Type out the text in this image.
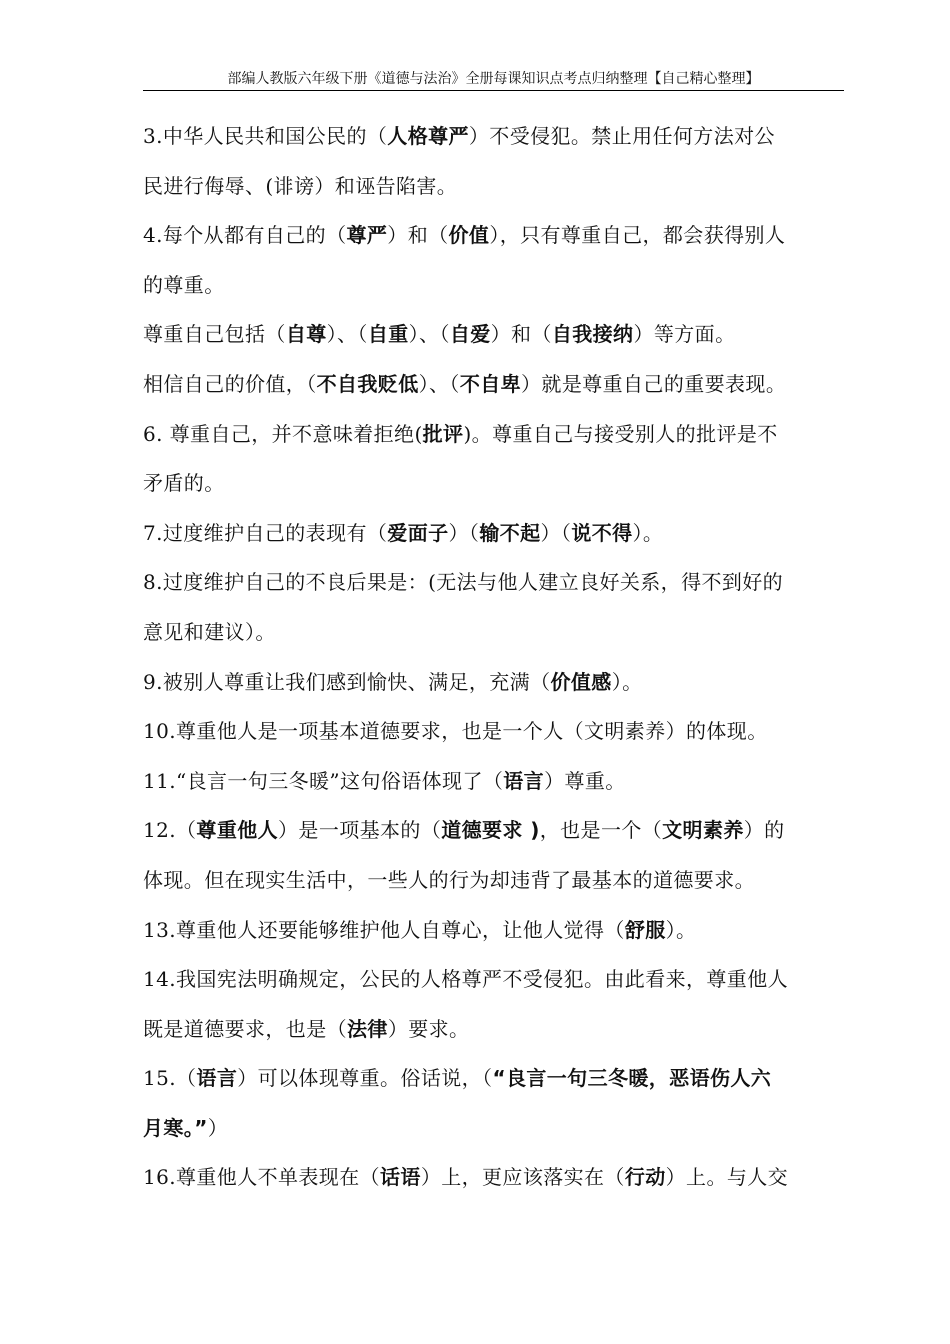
部编人教版六年级下册《道德与法治》全册每课知识点考点归纳整理【自己精心整理】
3.中华人民共和国公民的（人格尊严）不受侵犯。禁止用任何方法对公
民进行侮辱、(诽谤）和诬告陷害。
4.每个从都有自己的（尊严）和（价值），只有尊重自己，都会获得别人
的尊重。
尊重自己包括（自尊）、（自重）、（自爱）和（自我接纳）等方面。
相信自己的价值，（不自我贬低）、（不自卑）就是尊重自己的重要表现。
6. 尊重自己，并不意味着拒绝(批评)。尊重自己与接受别人的批评是不
矛盾的。
7.过度维护自己的表现有（爱面子）（输不起）（说不得）。
8.过度维护自己的不良后果是：(无法与他人建立良好关系，得不到好的
意见和建议）。
9.被别人尊重让我们感到愉快、满足，充满（价值感）。
10.尊重他人是一项基本道德要求，也是一个人（文明素养）的体现。
11.“良言一句三冬暖”这句俗语体现了（语言）尊重。
12.（尊重他人）是一项基本的（道德要求 )，也是一个（文明素养）的
体现。但在现实生活中，一些人的行为却违背了最基本的道德要求。
13.尊重他人还要能够维护他人自尊心，让他人觉得（舒服）。
14.我国宪法明确规定，公民的人格尊严不受侵犯。由此看来，尊重他人
既是道德要求，也是（法律）要求。
15.（语言）可以体现尊重。俗话说，（“良言一句三冬暖，恶语伤人六
月寒。”）
16.尊重他人不单表现在（话语）上，更应该落实在（行动）上。与人交
